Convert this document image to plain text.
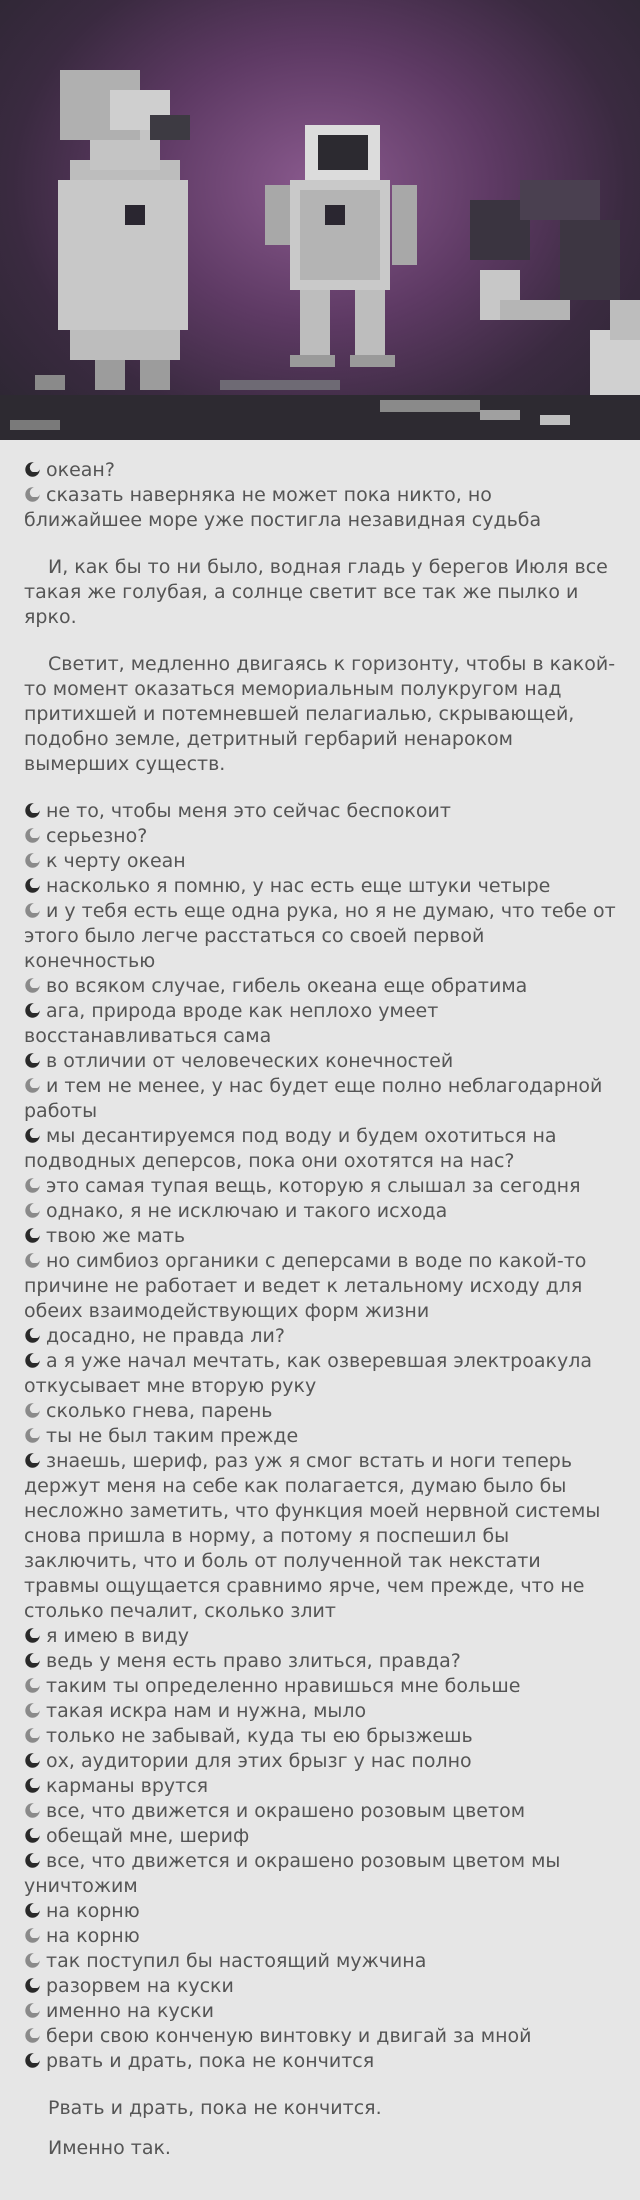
океан?

сказать наверняка не может пока никто, но ближайшее море уже постигла незавидная судьба

И, как бы то ни было, водная гладь у берегов Июля все такая же голубая, а солнце светит все так же пылко и ярко.

Светит, медленно двигаясь к горизонту, чтобы в какой-то момент оказаться мемориальным полукругом над притихшей и потемневшей пелагиалью, скрывающей, подобно земле, детритный гербарий ненароком вымерших существ.

не то, чтобы меня это сейчас беспокоит

серьезно?

к черту океан

насколько я помню, у нас есть еще штуки четыре

и у тебя есть еще одна рука, но я не думаю, что тебе от этого было легче расстаться со своей первой конечностью

во всяком случае, гибель океана еще обратима

ага, природа вроде как неплохо умеет восстанавливаться сама

в отличии от человеческих конечностей

и тем не менее, у нас будет еще полно неблагодарной работы

мы десантируемся под воду и будем охотиться на подводных деперсов, пока они охотятся на нас?

это самая тупая вещь, которую я слышал за сегодня

однако, я не исключаю и такого исхода

твою же мать

но симбиоз органики с деперсами в воде по какой-то причине не работает и ведет к летальному исходу для обеих взаимодействующих форм жизни

досадно, не правда ли?

а я уже начал мечтать, как озверевшая электроакула откусывает мне вторую руку

сколько гнева, парень

ты не был таким прежде

знаешь, шериф, раз уж я смог встать и ноги теперь держут меня на себе как полагается, думаю было бы несложно заметить, что функция моей нервной системы снова пришла в норму, а потому я поспешил бы заключить, что и боль от полученной так некстати травмы ощущается сравнимо ярче, чем прежде, что не столько печалит, сколько злит

я имею в виду

ведь у меня есть право злиться, правда?

таким ты определенно нравишься мне больше

такая искра нам и нужна, мыло

только не забывай, куда ты ею брызжешь

ох, аудитории для этих брызг у нас полно

карманы врутся

все, что движется и окрашено розовым цветом

обещай мне, шериф

все, что движется и окрашено розовым цветом мы уничтожим

на корню

на корню

так поступил бы настоящий мужчина

разорвем на куски

именно на куски

бери свою конченую винтовку и двигай за мной

рвать и драть, пока не кончится

Рвать и драть, пока не кончится.

Именно так.
